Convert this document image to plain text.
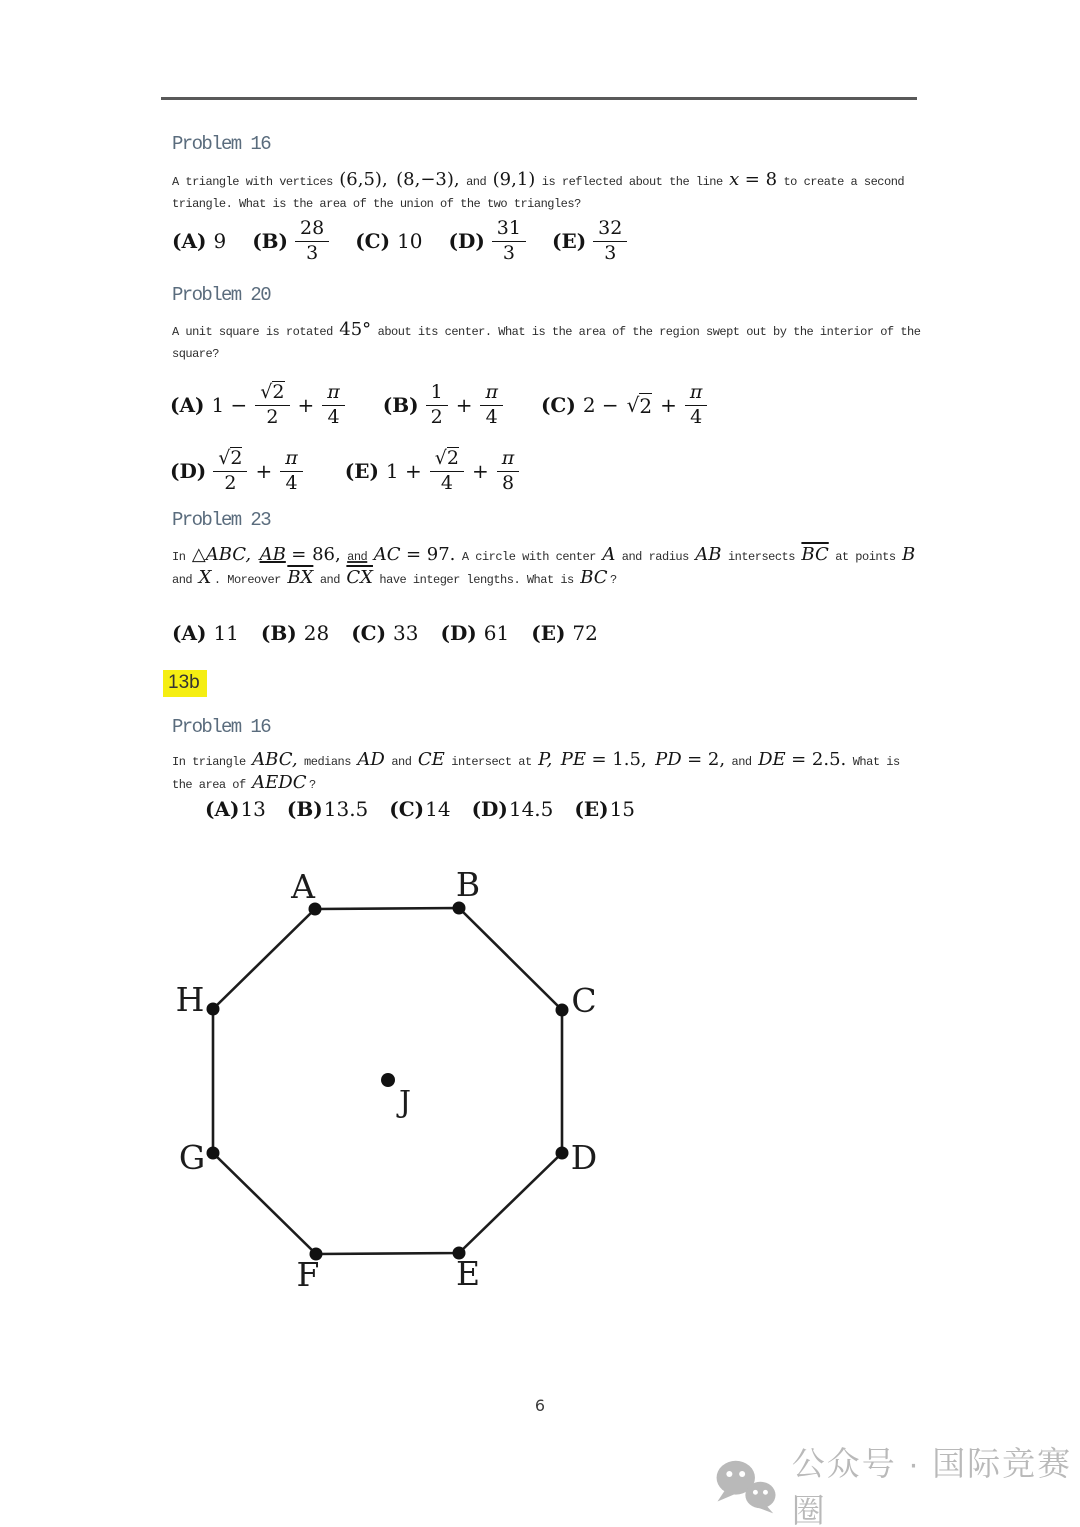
Problem 16
A triangle with vertices (6,5), (8,−3), and (9,1) is reflected about the line x = 8 to create a second
triangle. What is the area of the union of the two triangles?
(A) 9 $(B) \frac{28}{3} (C)$ 10 $(D) \frac{31}{3} (E) \frac{32}{3}$
Problem 20
A unit square is rotated 45° about its center. What is the area of the region swept out by the interior of the
square?
(A) $1 - \frac{√ 2}{2} + \frac{\pi}{4} (B) \frac{1}{2} + \frac{\pi}{4} (C) 2$ − √ $2 + \frac{\pi}{4}$
$(D) \frac{√ 2}{2} + \frac{\pi}{4} (E) 1 + \frac{√ 2}{4} + \frac{\pi}{8}$
Problem 23
In △ABC, AB = 86, and AC = 97. A circle with center A and radius AB intersects $\overline{BC}$ at points B
and X . Moreover $\overline{BX}$ and $\overline{CX}$ have integer lengths. What is BC ?
(A) 11 (B) 28 (C) 33 (D) 61 (E) 72
13b
Problem 16
In triangle ABC, medians AD and CE intersect at P, PE = 1.5, PD = 2, and DE = 2.5. What is
the area of AEDC ?
(A) 13 (B) 13.5 (C) 14 (D) 14.5 (E) 15
A	B
C
D
E
F
G
H
J
6
公众号 · 国际竞赛圈
